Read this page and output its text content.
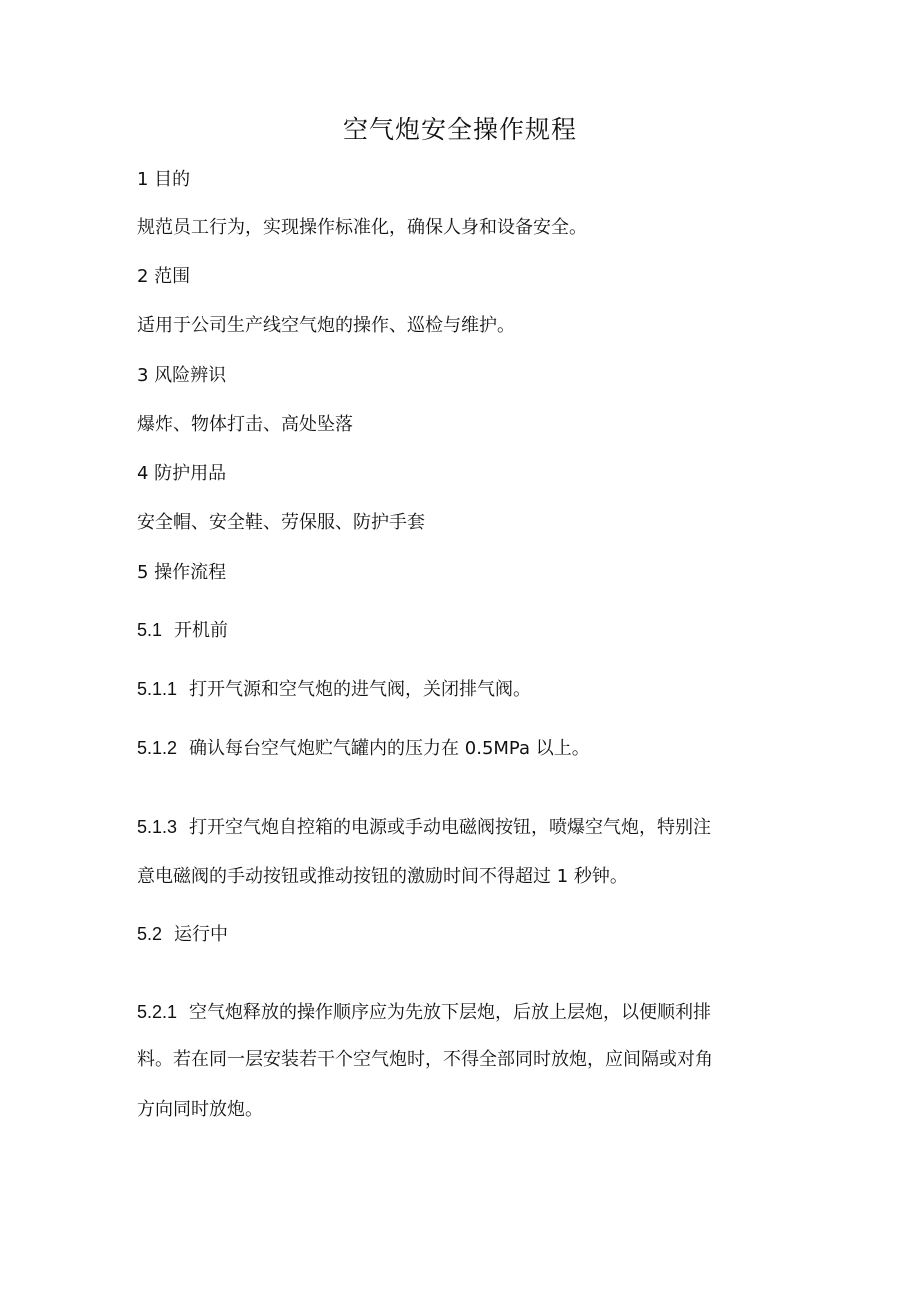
空气炮安全操作规程
1 目的
规范员工行为，实现操作标准化，确保人身和设备安全。
2 范围
适用于公司生产线空气炮的操作、巡检与维护。
3 风险辨识
爆炸、物体打击、高处坠落
4 防护用品
安全帽、安全鞋、劳保服、防护手套
5 操作流程
5.1 开机前
5.1.1 打开气源和空气炮的进气阀，关闭排气阀。
5.1.2 确认每台空气炮贮气罐内的压力在 0.5MPa 以上。
5.1.3 打开空气炮自控箱的电源或手动电磁阀按钮，喷爆空气炮，特别注
意电磁阀的手动按钮或推动按钮的激励时间不得超过 1 秒钟。
5.2 运行中
5.2.1 空气炮释放的操作顺序应为先放下层炮，后放上层炮，以便顺利排
料。若在同一层安装若干个空气炮时，不得全部同时放炮，应间隔或对角
方向同时放炮。
